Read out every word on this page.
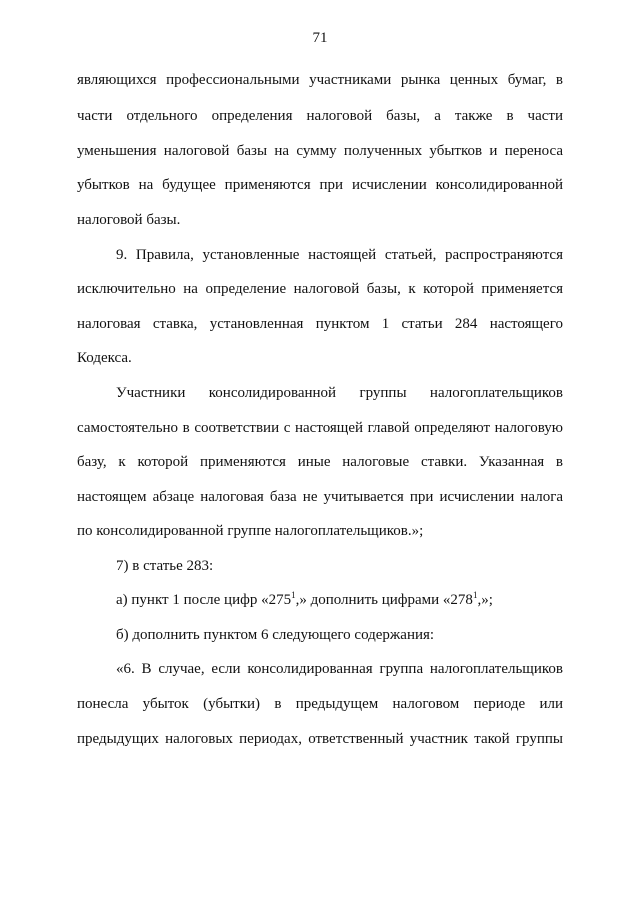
71
являющихся профессиональными участниками рынка ценных бумаг, в
части отдельного определения налоговой базы, а также в части
уменьшения налоговой базы на сумму полученных убытков и переноса
убытков на будущее применяются при исчислении консолидированной
налоговой базы.
9. Правила, установленные настоящей статьей, распространяются
исключительно на определение налоговой базы, к которой применяется
налоговая ставка, установленная пунктом 1 статьи 284 настоящего
Кодекса.
Участники консолидированной группы налогоплательщиков
самостоятельно в соответствии с настоящей главой определяют налоговую
базу, к которой применяются иные налоговые ставки. Указанная в
настоящем абзаце налоговая база не учитывается при исчислении налога
по консолидированной группе налогоплательщиков.»;
7) в статье 283:
а) пункт 1 после цифр «$275^1$,» дополнить цифрами «$278^1$,»;
б) дополнить пунктом 6 следующего содержания:
«6. В случае, если консолидированная группа налогоплательщиков
понесла убыток (убытки) в предыдущем налоговом периоде или
предыдущих налоговых периодах, ответственный участник такой группы
